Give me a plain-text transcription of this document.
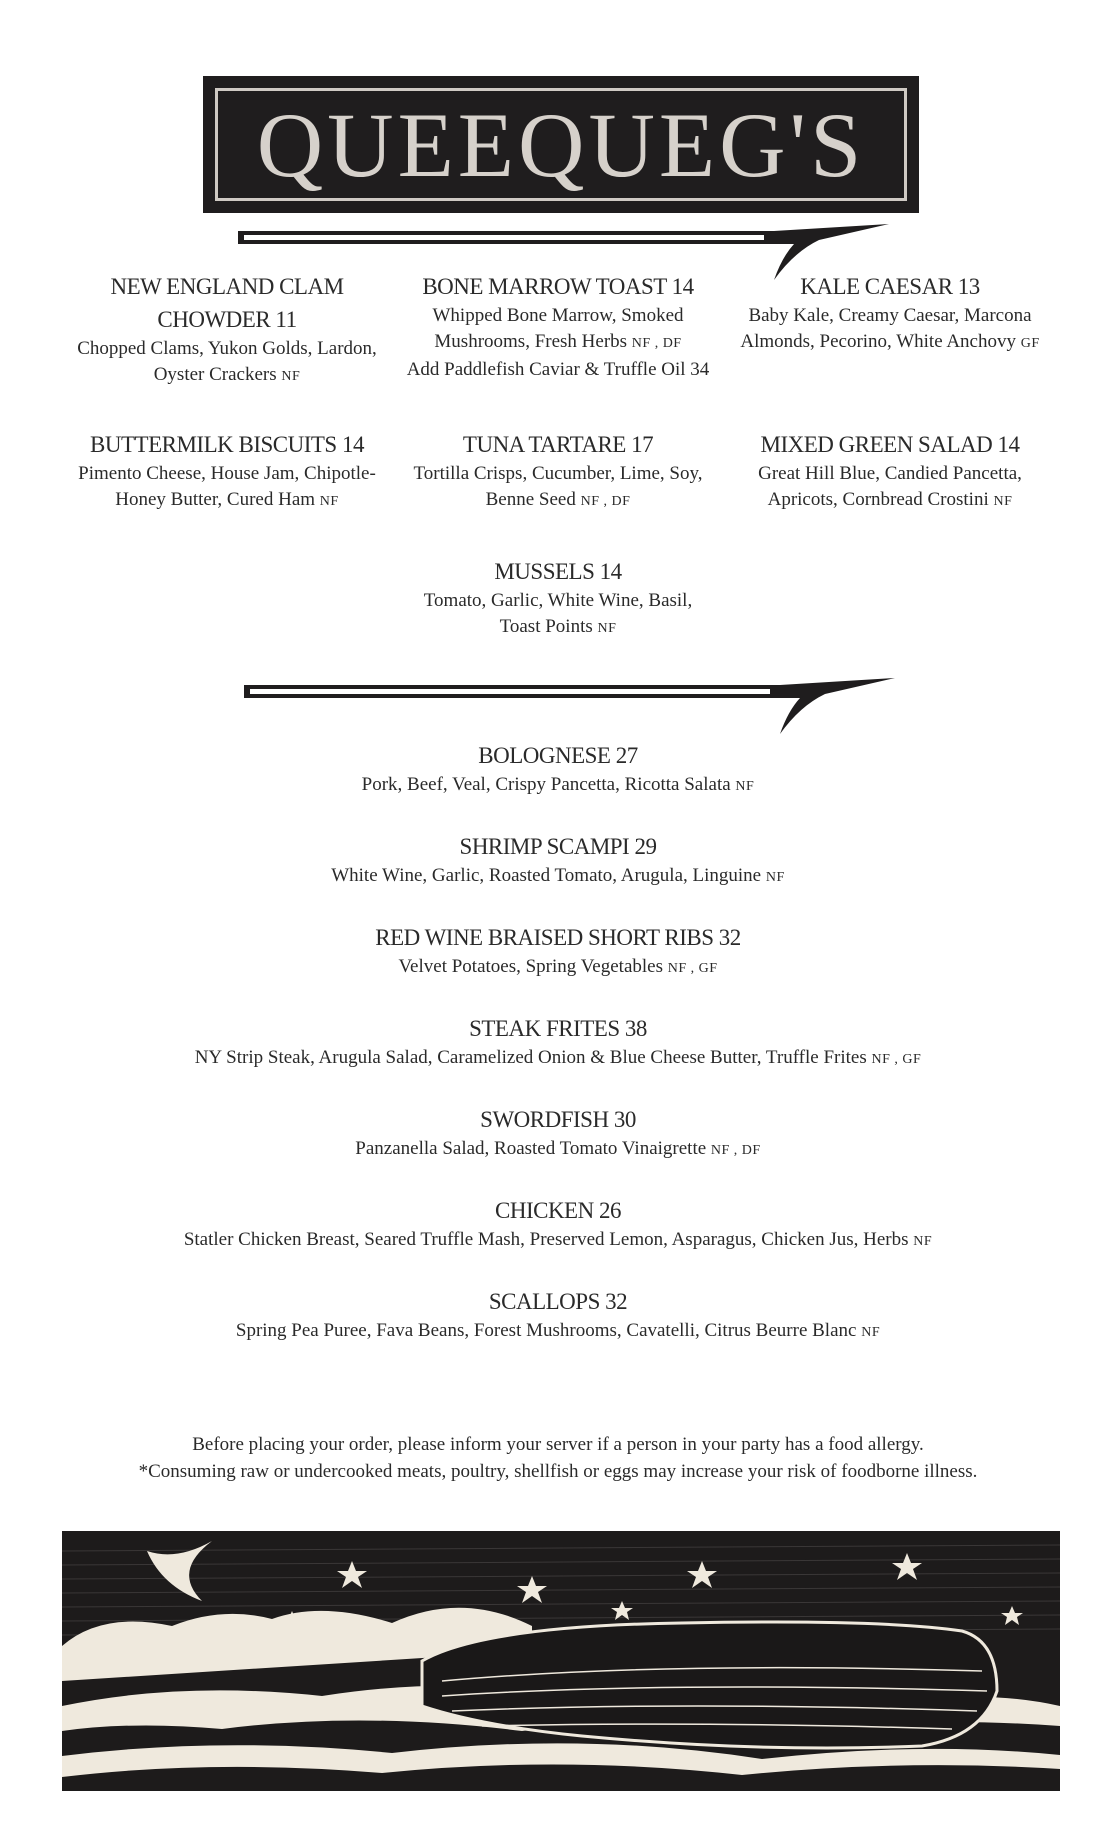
QUEEQUEG'S
NEW ENGLAND CLAM CHOWDER 11
Chopped Clams, Yukon Golds, Lardon, Oyster Crackers NF
BONE MARROW TOAST 14
Whipped Bone Marrow, Smoked Mushrooms, Fresh Herbs NF , DF
Add Paddlefish Caviar & Truffle Oil 34
KALE CAESAR 13
Baby Kale, Creamy Caesar, Marcona Almonds, Pecorino, White Anchovy GF
BUTTERMILK BISCUITS 14
Pimento Cheese, House Jam, Chipotle-Honey Butter, Cured Ham NF
TUNA TARTARE 17
Tortilla Crisps, Cucumber, Lime, Soy, Benne Seed NF , DF
MIXED GREEN SALAD 14
Great Hill Blue, Candied Pancetta, Apricots, Cornbread Crostini NF
MUSSELS 14
Tomato, Garlic, White Wine, Basil, Toast Points NF
BOLOGNESE 27
Pork, Beef, Veal, Crispy Pancetta, Ricotta Salata NF
SHRIMP SCAMPI 29
White Wine, Garlic, Roasted Tomato, Arugula, Linguine NF
RED WINE BRAISED SHORT RIBS 32
Velvet Potatoes, Spring Vegetables NF , GF
STEAK FRITES 38
NY Strip Steak, Arugula Salad, Caramelized Onion & Blue Cheese Butter, Truffle Frites NF , GF
SWORDFISH 30
Panzanella Salad, Roasted Tomato Vinaigrette NF , DF
CHICKEN 26
Statler Chicken Breast, Seared Truffle Mash, Preserved Lemon, Asparagus, Chicken Jus, Herbs NF
SCALLOPS 32
Spring Pea Puree, Fava Beans, Forest Mushrooms, Cavatelli, Citrus Beurre Blanc NF
Before placing your order, please inform your server if a person in your party has a food allergy.
*Consuming raw or undercooked meats, poultry, shellfish or eggs may increase your risk of foodborne illness.
